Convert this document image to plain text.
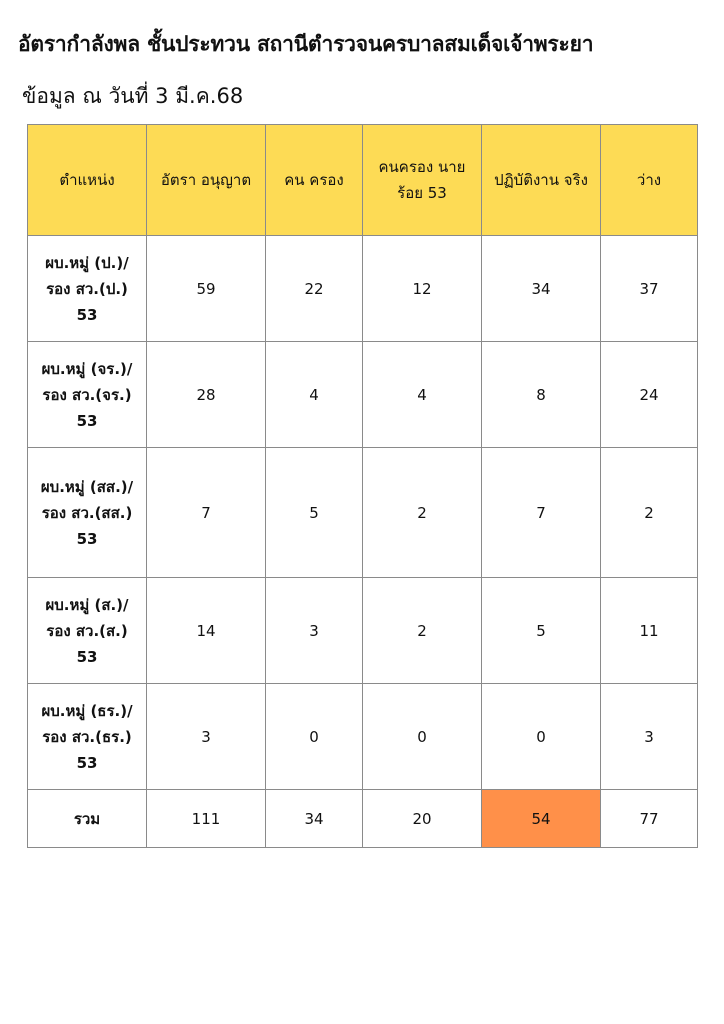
อัตรากำลังพล ชั้นประทวน สถานีตำรวจนครบาลสมเด็จเจ้าพระยา
ข้อมูล ณ วันที่ 3 มี.ค.68
ตำแหน่ง	อัตรา อนุญาต	คน ครอง	คนครอง นายร้อย 53	ปฏิบัติงาน จริง	ว่าง
ผบ.หมู่ (ป.)/รอง สว.(ป.) 53	59	22	12	34	37
ผบ.หมู่ (จร.)/รอง สว.(จร.) 53	28	4	4	8	24
ผบ.หมู่ (สส.)/รอง สว.(สส.) 53	7	5	2	7	2
ผบ.หมู่ (ส.)/รอง สว.(ส.) 53	14	3	2	5	11
ผบ.หมู่ (ธร.)/รอง สว.(ธร.) 53	3	0	0	0	3
รวม	111	34	20	54	77
